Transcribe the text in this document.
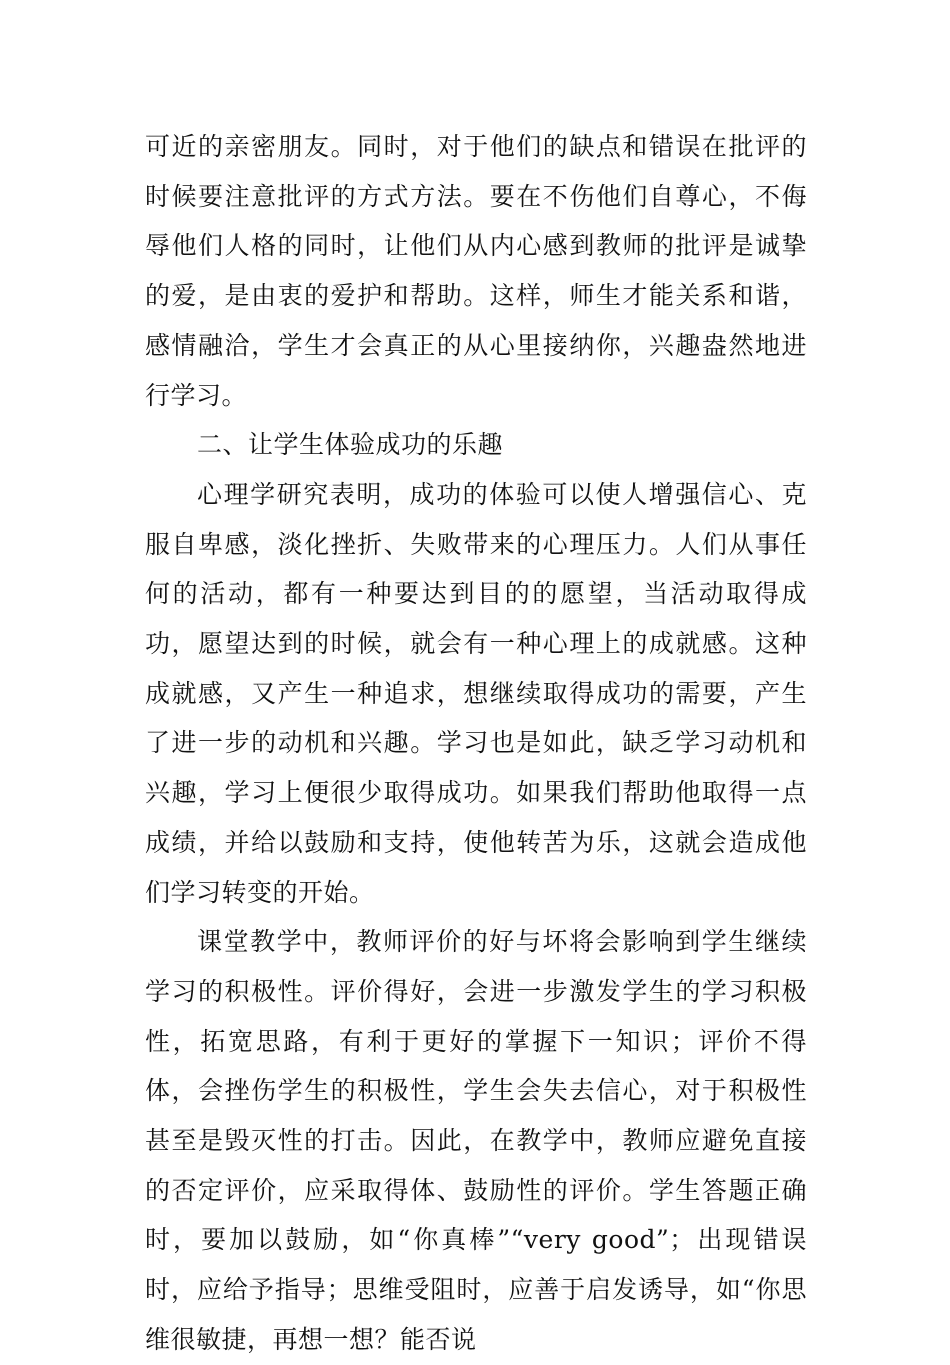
可近的亲密朋友。同时，对于他们的缺点和错误在批评的时候要注意批评的方式方法。要在不伤他们自尊心，不侮辱他们人格的同时，让他们从内心感到教师的批评是诚挚的爱，是由衷的爱护和帮助。这样，师生才能关系和谐，感情融洽，学生才会真正的从心里接纳你，兴趣盎然地进行学习。

二、让学生体验成功的乐趣

心理学研究表明，成功的体验可以使人增强信心、克服自卑感，淡化挫折、失败带来的心理压力。人们从事任何的活动，都有一种要达到目的的愿望，当活动取得成功，愿望达到的时候，就会有一种心理上的成就感。这种成就感，又产生一种追求，想继续取得成功的需要，产生了进一步的动机和兴趣。学习也是如此，缺乏学习动机和兴趣，学习上便很少取得成功。如果我们帮助他取得一点成绩，并给以鼓励和支持，使他转苦为乐，这就会造成他们学习转变的开始。

课堂教学中，教师评价的好与坏将会影响到学生继续学习的积极性。评价得好，会进一步激发学生的学习积极性，拓宽思路，有利于更好的掌握下一知识；评价不得体，会挫伤学生的积极性，学生会失去信心，对于积极性甚至是毁灭性的打击。因此，在教学中，教师应避免直接的否定评价，应采取得体、鼓励性的评价。学生答题正确时，要加以鼓励，如“你真棒”“very good”；出现错误时，应给予指导；思维受阻时，应善于启发诱导，如“你思维很敏捷，再想一想？能否说
